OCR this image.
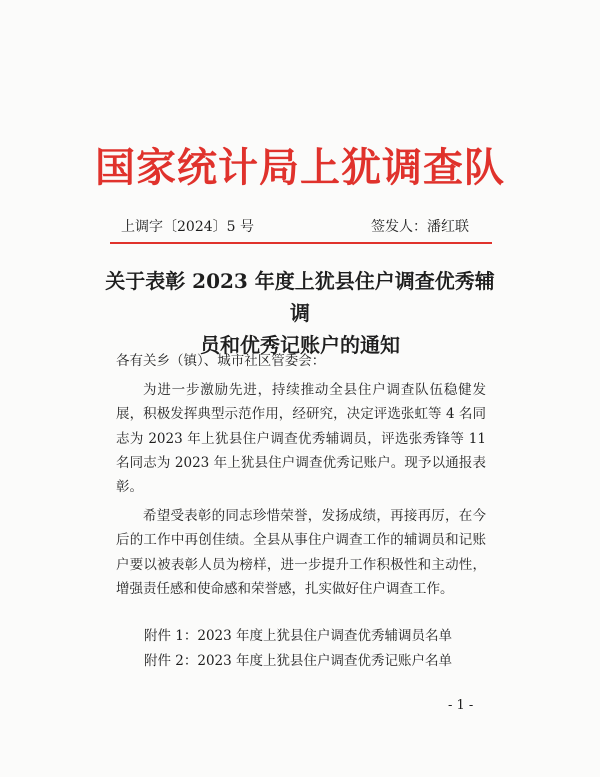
国家统计局上犹调查队
上调字〔2024〕5 号	签发人：潘红联
关于表彰 2023 年度上犹县住户调查优秀辅调
员和优秀记账户的通知

各有关乡（镇）、城市社区管委会：

为进一步激励先进，持续推动全县住户调查队伍稳健发展，积极发挥典型示范作用，经研究，决定评选张虹等 4 名同志为 2023 年上犹县住户调查优秀辅调员，评选张秀锋等 11 名同志为 2023 年上犹县住户调查优秀记账户。现予以通报表彰。

希望受表彰的同志珍惜荣誉，发扬成绩，再接再厉，在今后的工作中再创佳绩。全县从事住户调查工作的辅调员和记账户要以被表彰人员为榜样，进一步提升工作积极性和主动性，增强责任感和使命感和荣誉感，扎实做好住户调查工作。

附件 1：2023 年度上犹县住户调查优秀辅调员名单
附件 2：2023 年度上犹县住户调查优秀记账户名单
- 1 -
